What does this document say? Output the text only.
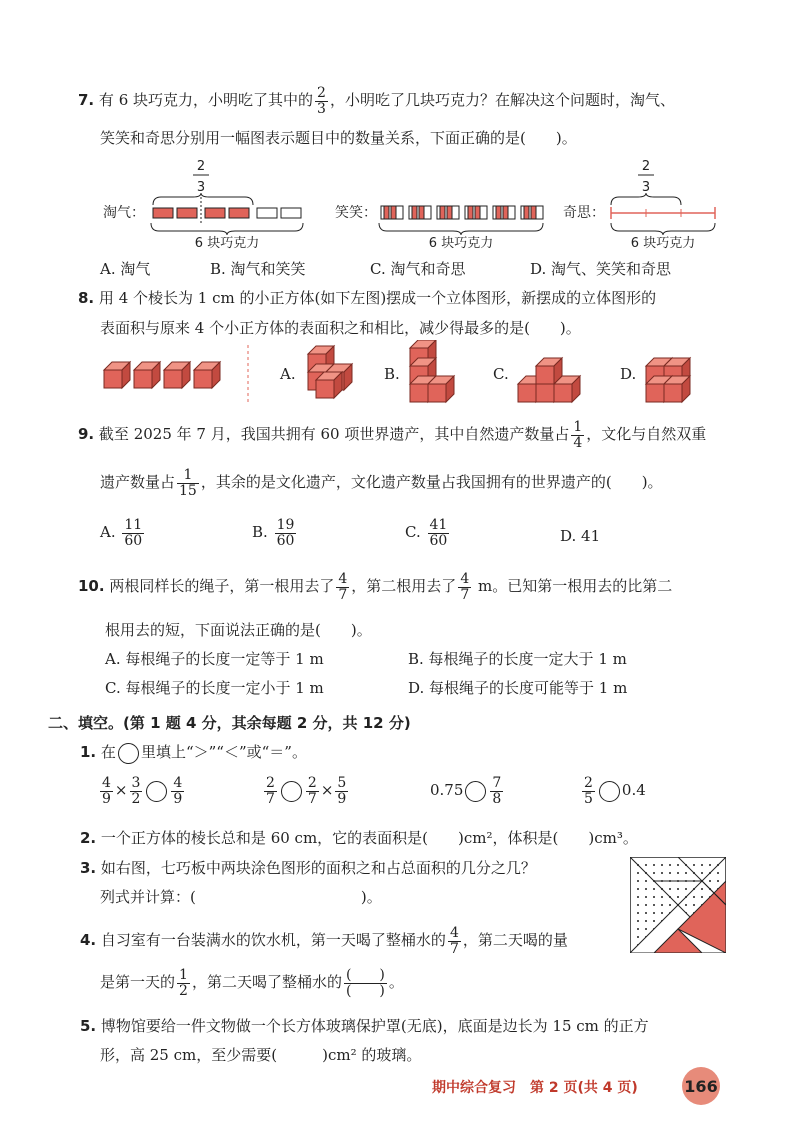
7. 有 6 块巧克力，小明吃了其中的 $\frac{2}{3}$ ，小明吃了几块巧克力？在解决这个问题时，淘气、
笑笑和奇思分别用一幅图表示题目中的数量关系，下面正确的是(　　)。
淘气：
2
3
6 块巧克力
笑笑：
6 块巧克力
奇思：
2
3
6 块巧克力
A. 淘气	B. 淘气和笑笑	C. 淘气和奇思	D. 淘气、笑笑和奇思
8. 用 4 个棱长为 1 cm 的小正方体(如下左图)摆成一个立体图形，新摆成的立体图形的
表面积与原来 4 个小正方体的表面积之和相比，减少得最多的是(　　)。
A.	B.	C.	D.
9. 截至 2025 年 7 月，我国共拥有 60 项世界遗产，其中自然遗产数量占 $\frac{1}{4}$ ，文化与自然双重
遗产数量占 $\frac{1}{15}$ ，其余的是文化遗产，文化遗产数量占我国拥有的世界遗产的(　　)。
A. $\frac{11}{60}$	B. $\frac{19}{60}$	C. $\frac{41}{60}$	D. 41
10. 两根同样长的绳子，第一根用去了 $\frac{4}{7}$ ，第二根用去了 $\frac{4}{7}$ m。已知第一根用去的比第二
根用去的短，下面说法正确的是(　　)。
A. 每根绳子的长度一定等于 1 m	B. 每根绳子的长度一定大于 1 m
C. 每根绳子的长度一定小于 1 m	D. 每根绳子的长度可能等于 1 m
二、填空。(第 1 题 4 分，其余每题 2 分，共 12 分)
1. 在 里填上“＞”“＜”或“＝”。
$\frac{4}{9} \times \frac{3}{2} \frac{4}{9}$	$\frac{2}{7} \frac{2}{7} \times \frac{5}{9}$	$0.75 \frac{7}{8}$	$\frac{2}{5} 0.4$
2. 一个正方体的棱长总和是 60 cm，它的表面积是(　　)cm²，体积是(　　)cm³。
3. 如右图，七巧板中两块涂色图形的面积之和占总面积的几分之几？
列式并计算：(　　　　　　　　　　　)。
4. 自习室有一台装满水的饮水机，第一天喝了整桶水的 $\frac{4}{7}$ ，第二天喝的量
是第一天的 $\frac{1}{2}$ ，第二天喝了整桶水的 $\frac{( )}{( )}$ 。
5. 博物馆要给一件文物做一个长方体玻璃保护罩(无底)，底面是边长为 15 cm 的正方
形，高 25 cm，至少需要(　　　)cm² 的玻璃。
期中综合复习　第 2 页(共 4 页)	166
